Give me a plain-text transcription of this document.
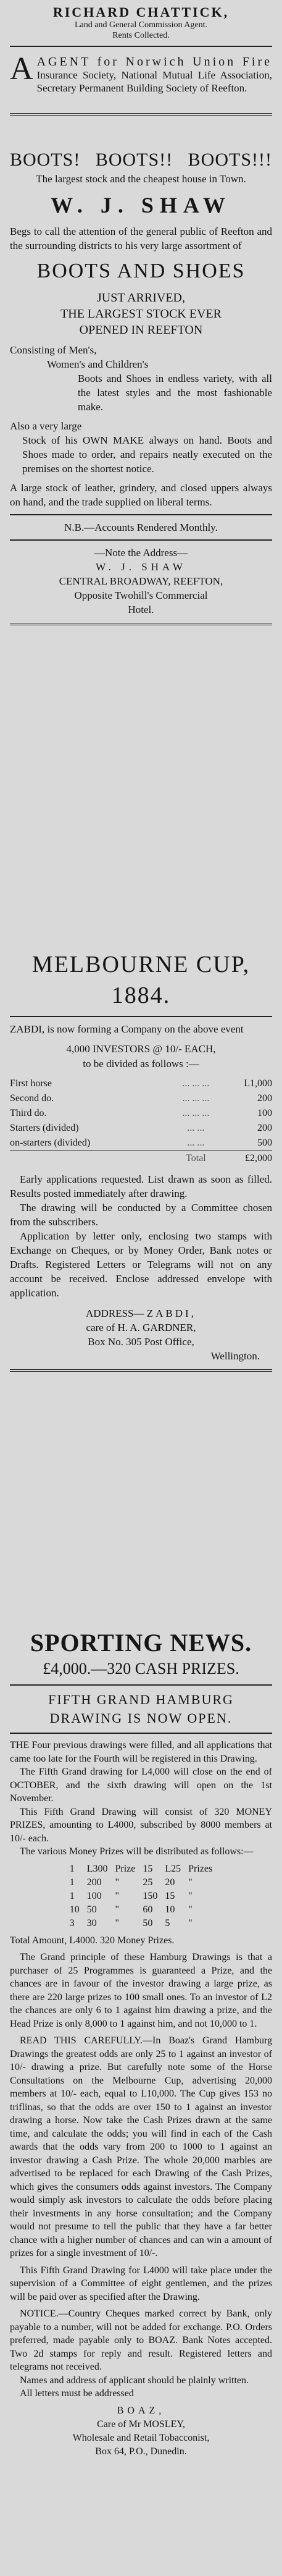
RICHARD CHATTICK,
Land and General Commission Agent.
Rents Collected.
A AGENT for Norwich Union Fire Insurance Society, National Mutual Life Association, Secretary Permanent Building Society of Reefton.
BOOTS! BOOTS!! BOOTS!!!
The largest stock and the cheapest house in Town.
W. J. SHAW
Begs to call the attention of the general public of Reefton and the surrounding districts to his very large assortment of
BOOTS AND SHOES
JUST ARRIVED,
THE LARGEST STOCK EVER
OPENED IN REEFTON
Consisting of Men's,
Women's and Children's
Boots and Shoes in endless variety, with all the latest styles and the most fashionable make.
Also a very large
Stock of his OWN MAKE always on hand. Boots and Shoes made to order, and repairs neatly executed on the premises on the shortest notice.
A large stock of leather, grindery, and closed uppers always on hand, and the trade supplied on liberal terms.
N.B.—Accounts Rendered Monthly.
—Note the Address—
W. J. SHAW
CENTRAL BROADWAY, REEFTON,
Opposite Twohill's Commercial
Hotel.
MELBOURNE CUP, 1884.
ZABDI, is now forming a Company on the above event
4,000 INVESTORS @ 10/- EACH,
to be divided as follows :—
First horse	... ... ...	L1,000
Second do.	... ... ...	200
Third do.	... ... ...	100
Starters (divided)	... ...	200
on-starters (divided)	... ...	500
	Total	£2,000
Early applications requested. List drawn as soon as filled. Results posted immediately after drawing.
The drawing will be conducted by a Committee chosen from the subscribers.
Application by letter only, enclosing two stamps with Exchange on Cheques, or by Money Order, Bank notes or Drafts. Registered Letters or Telegrams will not on any account be received. Enclose addressed envelope with application.
ADDRESS— ZABDI,
care of H. A. GARDNER,
Box No. 305 Post Office,
Wellington.
SPORTING NEWS.
£4,000.—320 CASH PRIZES.
FIFTH GRAND HAMBURG
DRAWING IS NOW OPEN.
THE Four previous drawings were filled, and all applications that came too late for the Fourth will be registered in this Drawing.
The Fifth Grand drawing for L4,000 will close on the end of OCTOBER, and the sixth drawing will open on the 1st November.
This Fifth Grand Drawing will consist of 320 MONEY PRIZES, amounting to L4000, subscribed by 8000 members at 10/- each.
The various Money Prizes will be distributed as follows:—
1	L300	Prize	15	L25	Prizes
1	200	"	25	20	"
1	100	"	150	15	"
10	50	"	60	10	"
3	30	"	50	5	"
Total Amount, L4000. 320 Money Prizes.
The Grand principle of these Hamburg Drawings is that a purchaser of 25 Programmes is guaranteed a Prize, and the chances are in favour of the investor drawing a large prize, as there are 220 large prizes to 100 small ones. To an investor of L2 the chances are only 6 to 1 against him drawing a prize, and the Head Prize is only 8,000 to 1 against him, and not 10,000 to 1.
READ THIS CAREFULLY.—In Boaz's Grand Hamburg Drawings the greatest odds are only 25 to 1 against an investor of 10/- drawing a prize. But carefully note some of the Horse Consultations on the Melbourne Cup, advertising 20,000 members at 10/- each, equal to L10,000. The Cup gives 153 no triflinas, so that the odds are over 150 to 1 against an investor drawing a horse. Now take the Cash Prizes drawn at the same time, and calculate the odds; you will find in each of the Cash awards that the odds vary from 200 to 1000 to 1 against an investor drawing a Cash Prize. The whole 20,000 marbles are advertised to be replaced for each Drawing of the Cash Prizes, which gives the consumers odds against investors. The Company would simply ask investors to calculate the odds before placing their investments in any horse consultation; and the Company would not presume to tell the public that they have a far better chance with a higher number of chances and can win a amount of prizes for a single investment of 10/-.
This Fifth Grand Drawing for L4000 will take place under the supervision of a Committee of eight gentlemen, and the prizes will be paid over as specified after the Drawing.
NOTICE.—Country Cheques marked correct by Bank, only payable to a number, will not be added for exchange. P.O. Orders preferred, made payable only to BOAZ. Bank Notes accepted. Two 2d stamps for reply and result. Registered letters and telegrams not received.
Names and address of applicant should be plainly written.
All letters must be addressed
BOAZ,
Care of Mr MOSLEY,
Wholesale and Retail Tobacconist,
Box 64, P.O., Dunedin.
